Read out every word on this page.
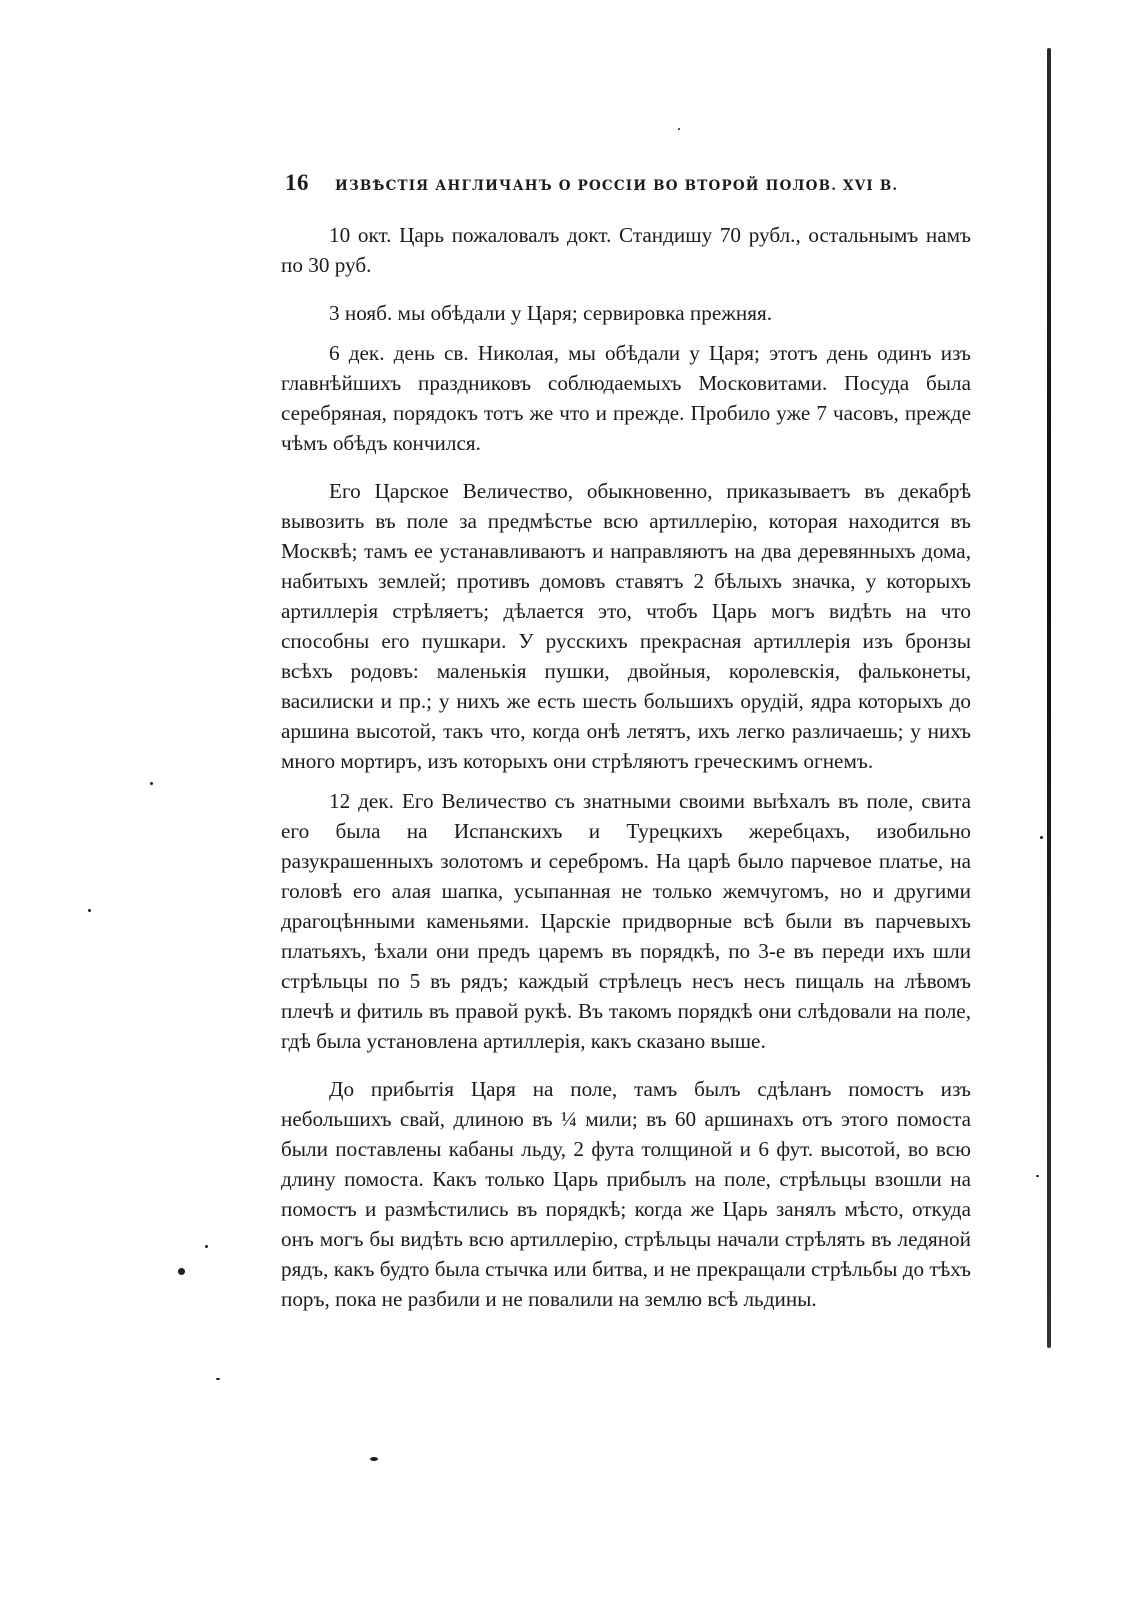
16	ИЗВѢСТІЯ АНГЛИЧАНЪ О РОССІИ ВО ВТОРОЙ ПОЛОВ. XVI В.

10 окт. Царь пожаловалъ докт. Стандишу 70 рубл., остальнымъ намъ по 30 руб.

3 нояб. мы обѣдали у Царя; сервировка прежняя.

6 дек. день св. Николая, мы обѣдали у Царя; этотъ день одинъ изъ главнѣйшихъ праздниковъ соблюдаемыхъ Московитами. Посуда была серебряная, порядокъ тотъ же что и прежде. Пробило уже 7 часовъ, прежде чѣмъ обѣдъ кончился.

Его Царское Величество, обыкновенно, приказываетъ въ декабрѣ вывозить въ поле за предмѣстье всю артиллерію, которая находится въ Москвѣ; тамъ ее устанавливаютъ и направляютъ на два деревянныхъ дома, набитыхъ землей; противъ домовъ ставятъ 2 бѣлыхъ значка, у которыхъ артиллерія стрѣляетъ; дѣлается это, чтобъ Царь могъ видѣть на что способны его пушкари. У русскихъ прекрасная артиллерія изъ бронзы всѣхъ родовъ: маленькія пушки, двойныя, королевскія, фальконеты, василиски и пр.; у нихъ же есть шесть большихъ орудій, ядра которыхъ до аршина высотой, такъ что, когда онѣ летятъ, ихъ легко различаешь; у нихъ много мортиръ, изъ которыхъ они стрѣляютъ греческимъ огнемъ.

12 дек. Его Величество съ знатными своими выѣхалъ въ поле, свита его была на Испанскихъ и Турецкихъ жеребцахъ, изобильно разукрашенныхъ золотомъ и серебромъ. На царѣ было парчевое платье, на головѣ его алая шапка, усыпанная не только жемчугомъ, но и другими драгоцѣнными каменьями. Царскіе придворные всѣ были въ парчевыхъ платьяхъ, ѣхали они предъ царемъ въ порядкѣ, по 3-е въ переди ихъ шли стрѣльцы по 5 въ рядъ; каждый стрѣлецъ несъ несъ пищаль на лѣвомъ плечѣ и фитиль въ правой рукѣ. Въ такомъ порядкѣ они слѣдовали на поле, гдѣ была установлена артиллерія, какъ сказано выше.

До прибытія Царя на поле, тамъ былъ сдѣланъ помостъ изъ небольшихъ свай, длиною въ ¼ мили; въ 60 аршинахъ отъ этого помоста были поставлены кабаны льду, 2 фута толщиной и 6 фут. высотой, во всю длину помоста. Какъ только Царь прибылъ на поле, стрѣльцы взошли на помостъ и размѣстились въ порядкѣ; когда же Царь занялъ мѣсто, откуда онъ могъ бы видѣть всю артиллерію, стрѣльцы начали стрѣлять въ ледяной рядъ, какъ будто была стычка или битва, и не прекращали стрѣльбы до тѣхъ поръ, пока не разбили и не повалили на землю всѣ льдины.
